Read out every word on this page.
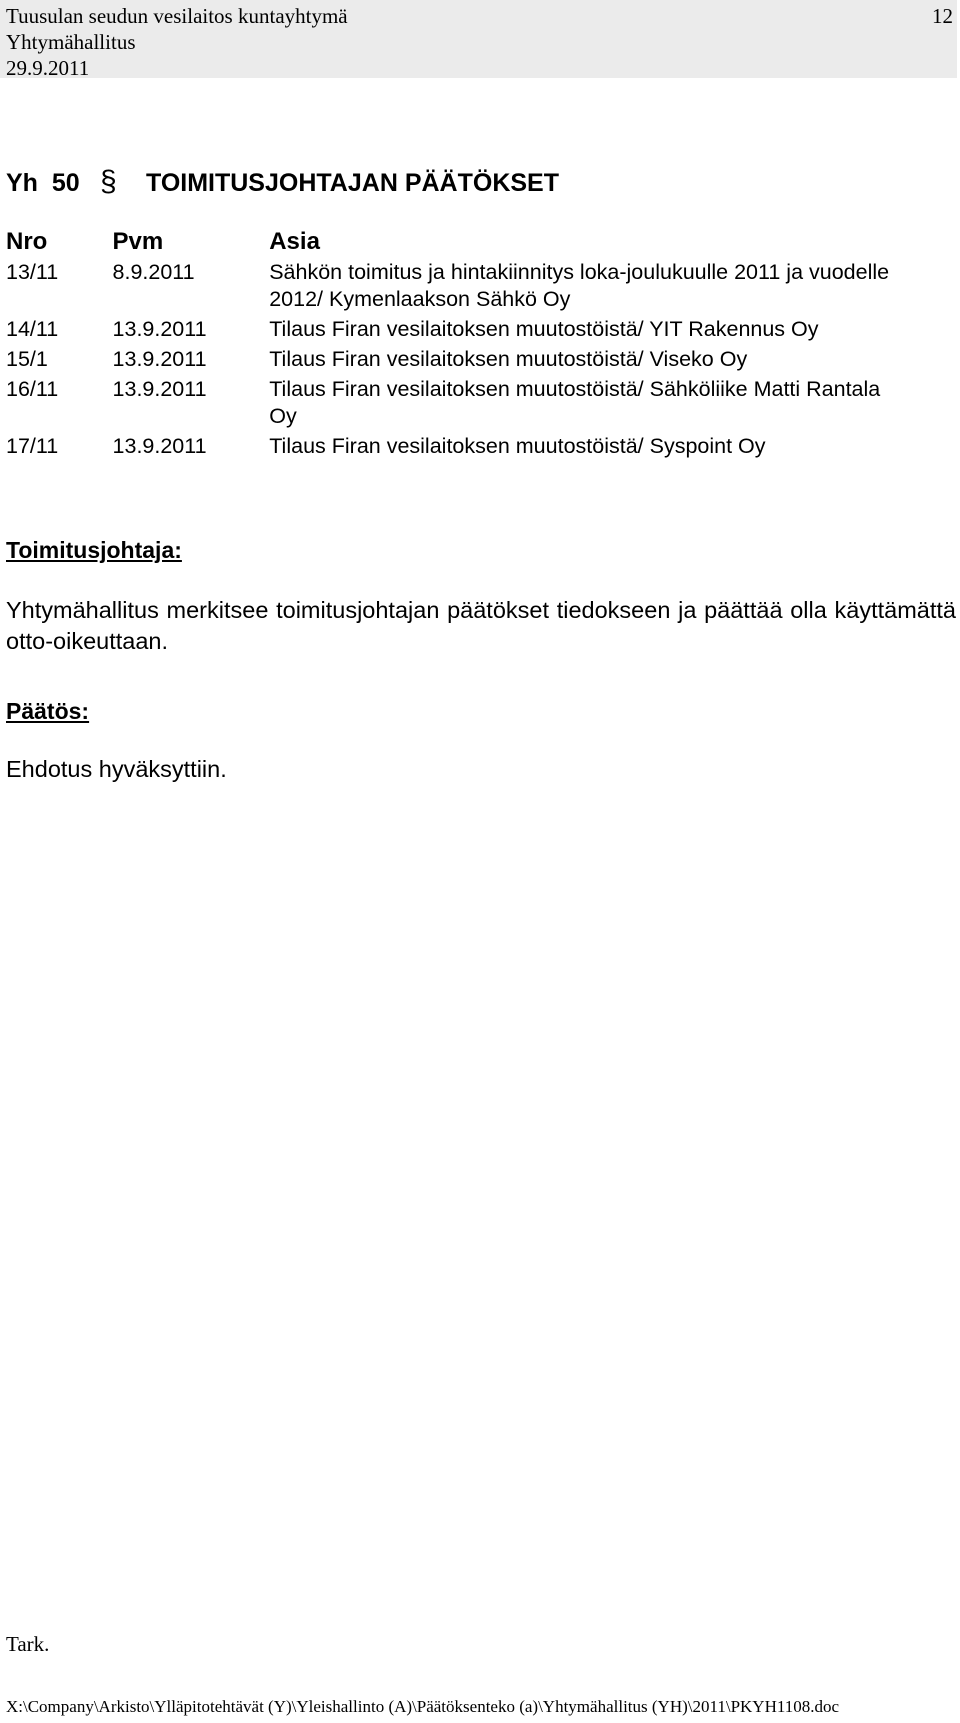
Tuusulan seudun vesilaitos kuntayhtymä
Yhtymähallitus
29.9.2011
12
Yh  50 § TOIMITUSJOHTAJAN PÄÄTÖKSET
Nro	Pvm	Asia
13/11	8.9.2011	Sähkön toimitus ja hintakiinnitys loka-joulukuulle 2011 ja vuodelle 2012/ Kymenlaakson Sähkö Oy
14/11	13.9.2011	Tilaus Firan vesilaitoksen muutostöistä/ YIT Rakennus Oy
15/1	13.9.2011	Tilaus Firan vesilaitoksen muutostöistä/ Viseko Oy
16/11	13.9.2011	Tilaus Firan vesilaitoksen muutostöistä/ Sähköliike Matti Rantala Oy
17/11	13.9.2011	Tilaus Firan vesilaitoksen muutostöistä/ Syspoint Oy

Toimitusjohtaja:

Yhtymähallitus merkitsee toimitusjohtajan päätökset tiedokseen ja päättää olla käyttämättä otto-oikeuttaan.

Päätös:

Ehdotus hyväksyttiin.

Tark.
X:\Company\Arkisto\Ylläpitotehtävät (Y)\Yleishallinto (A)\Päätöksenteko (a)\Yhtymähallitus (YH)\2011\PKYH1108.doc
